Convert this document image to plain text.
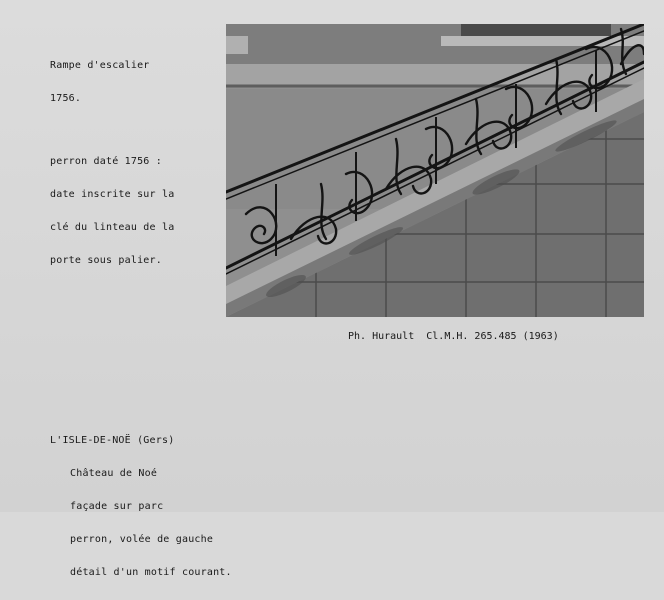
Rampe d'escalier

1756.

perron daté 1756 :

date inscrite sur la

clé du linteau de la

porte sous palier.

Ph. Hurault  Cl.M.H. 265.485 (1963)

L'ISLE-DE-NOË (Gers)

Château de Noé

façade sur parc

perron, volée de gauche

détail d'un motif courant.
